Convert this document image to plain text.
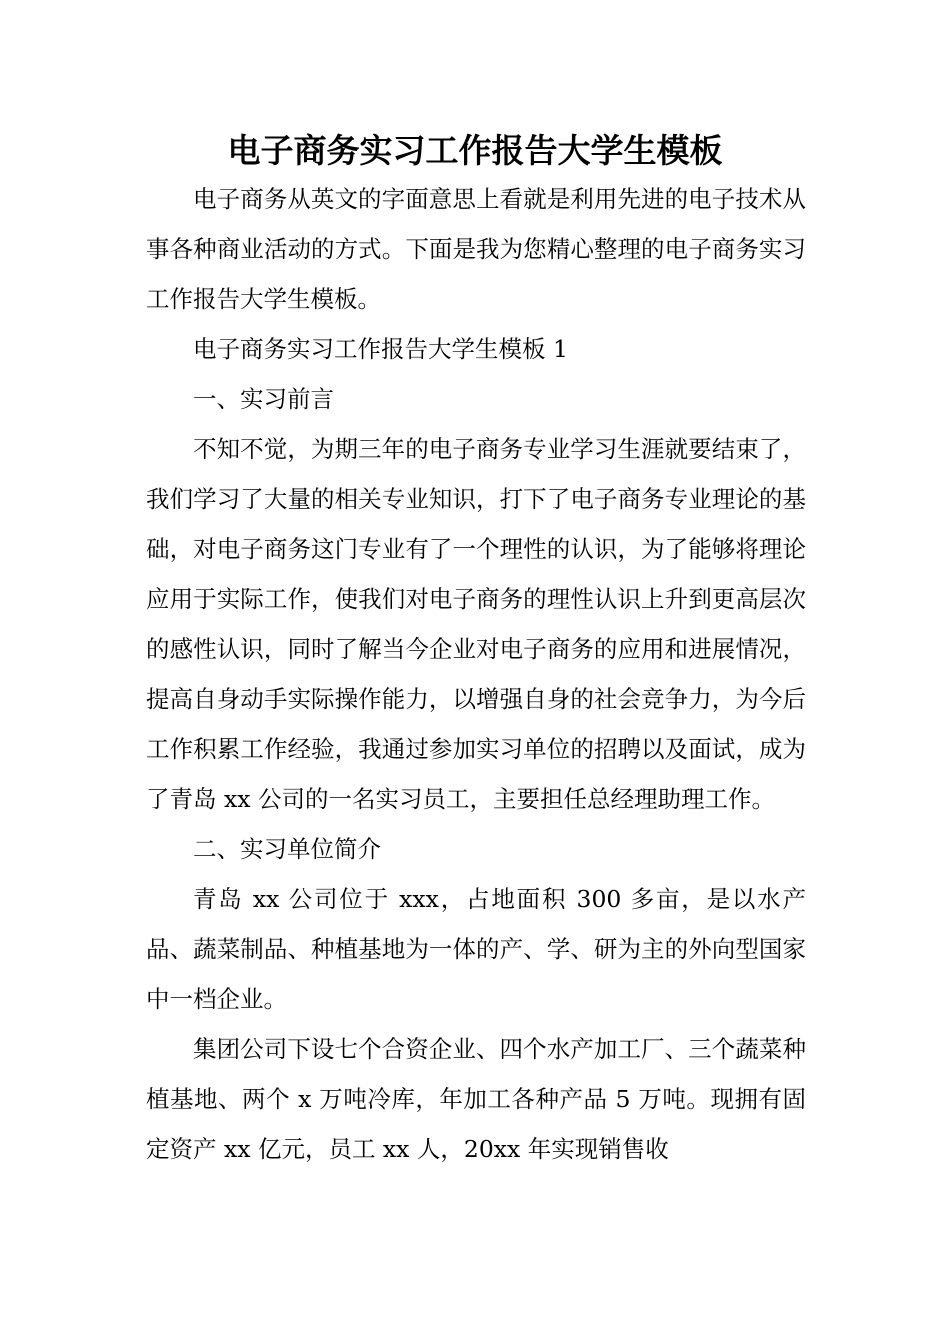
电子商务实习工作报告大学生模板

电子商务从英文的字面意思上看就是利用先进的电子技术从事各种商业活动的方式。下面是我为您精心整理的电子商务实习工作报告大学生模板。

电子商务实习工作报告大学生模板 1

一、实习前言

不知不觉，为期三年的电子商务专业学习生涯就要结束了，我们学习了大量的相关专业知识，打下了电子商务专业理论的基础，对电子商务这门专业有了一个理性的认识，为了能够将理论应用于实际工作，使我们对电子商务的理性认识上升到更高层次的感性认识，同时了解当今企业对电子商务的应用和进展情况，提高自身动手实际操作能力，以增强自身的社会竞争力，为今后工作积累工作经验，我通过参加实习单位的招聘以及面试，成为了青岛 xx 公司的一名实习员工，主要担任总经理助理工作。

二、实习单位简介

青岛 xx 公司位于 xxx，占地面积 300 多亩，是以水产品、蔬菜制品、种植基地为一体的产、学、研为主的外向型国家中一档企业。

集团公司下设七个合资企业、四个水产加工厂、三个蔬菜种植基地、两个 x 万吨冷库，年加工各种产品 5 万吨。现拥有固定资产 xx 亿元，员工 xx 人，20xx 年实现销售收
